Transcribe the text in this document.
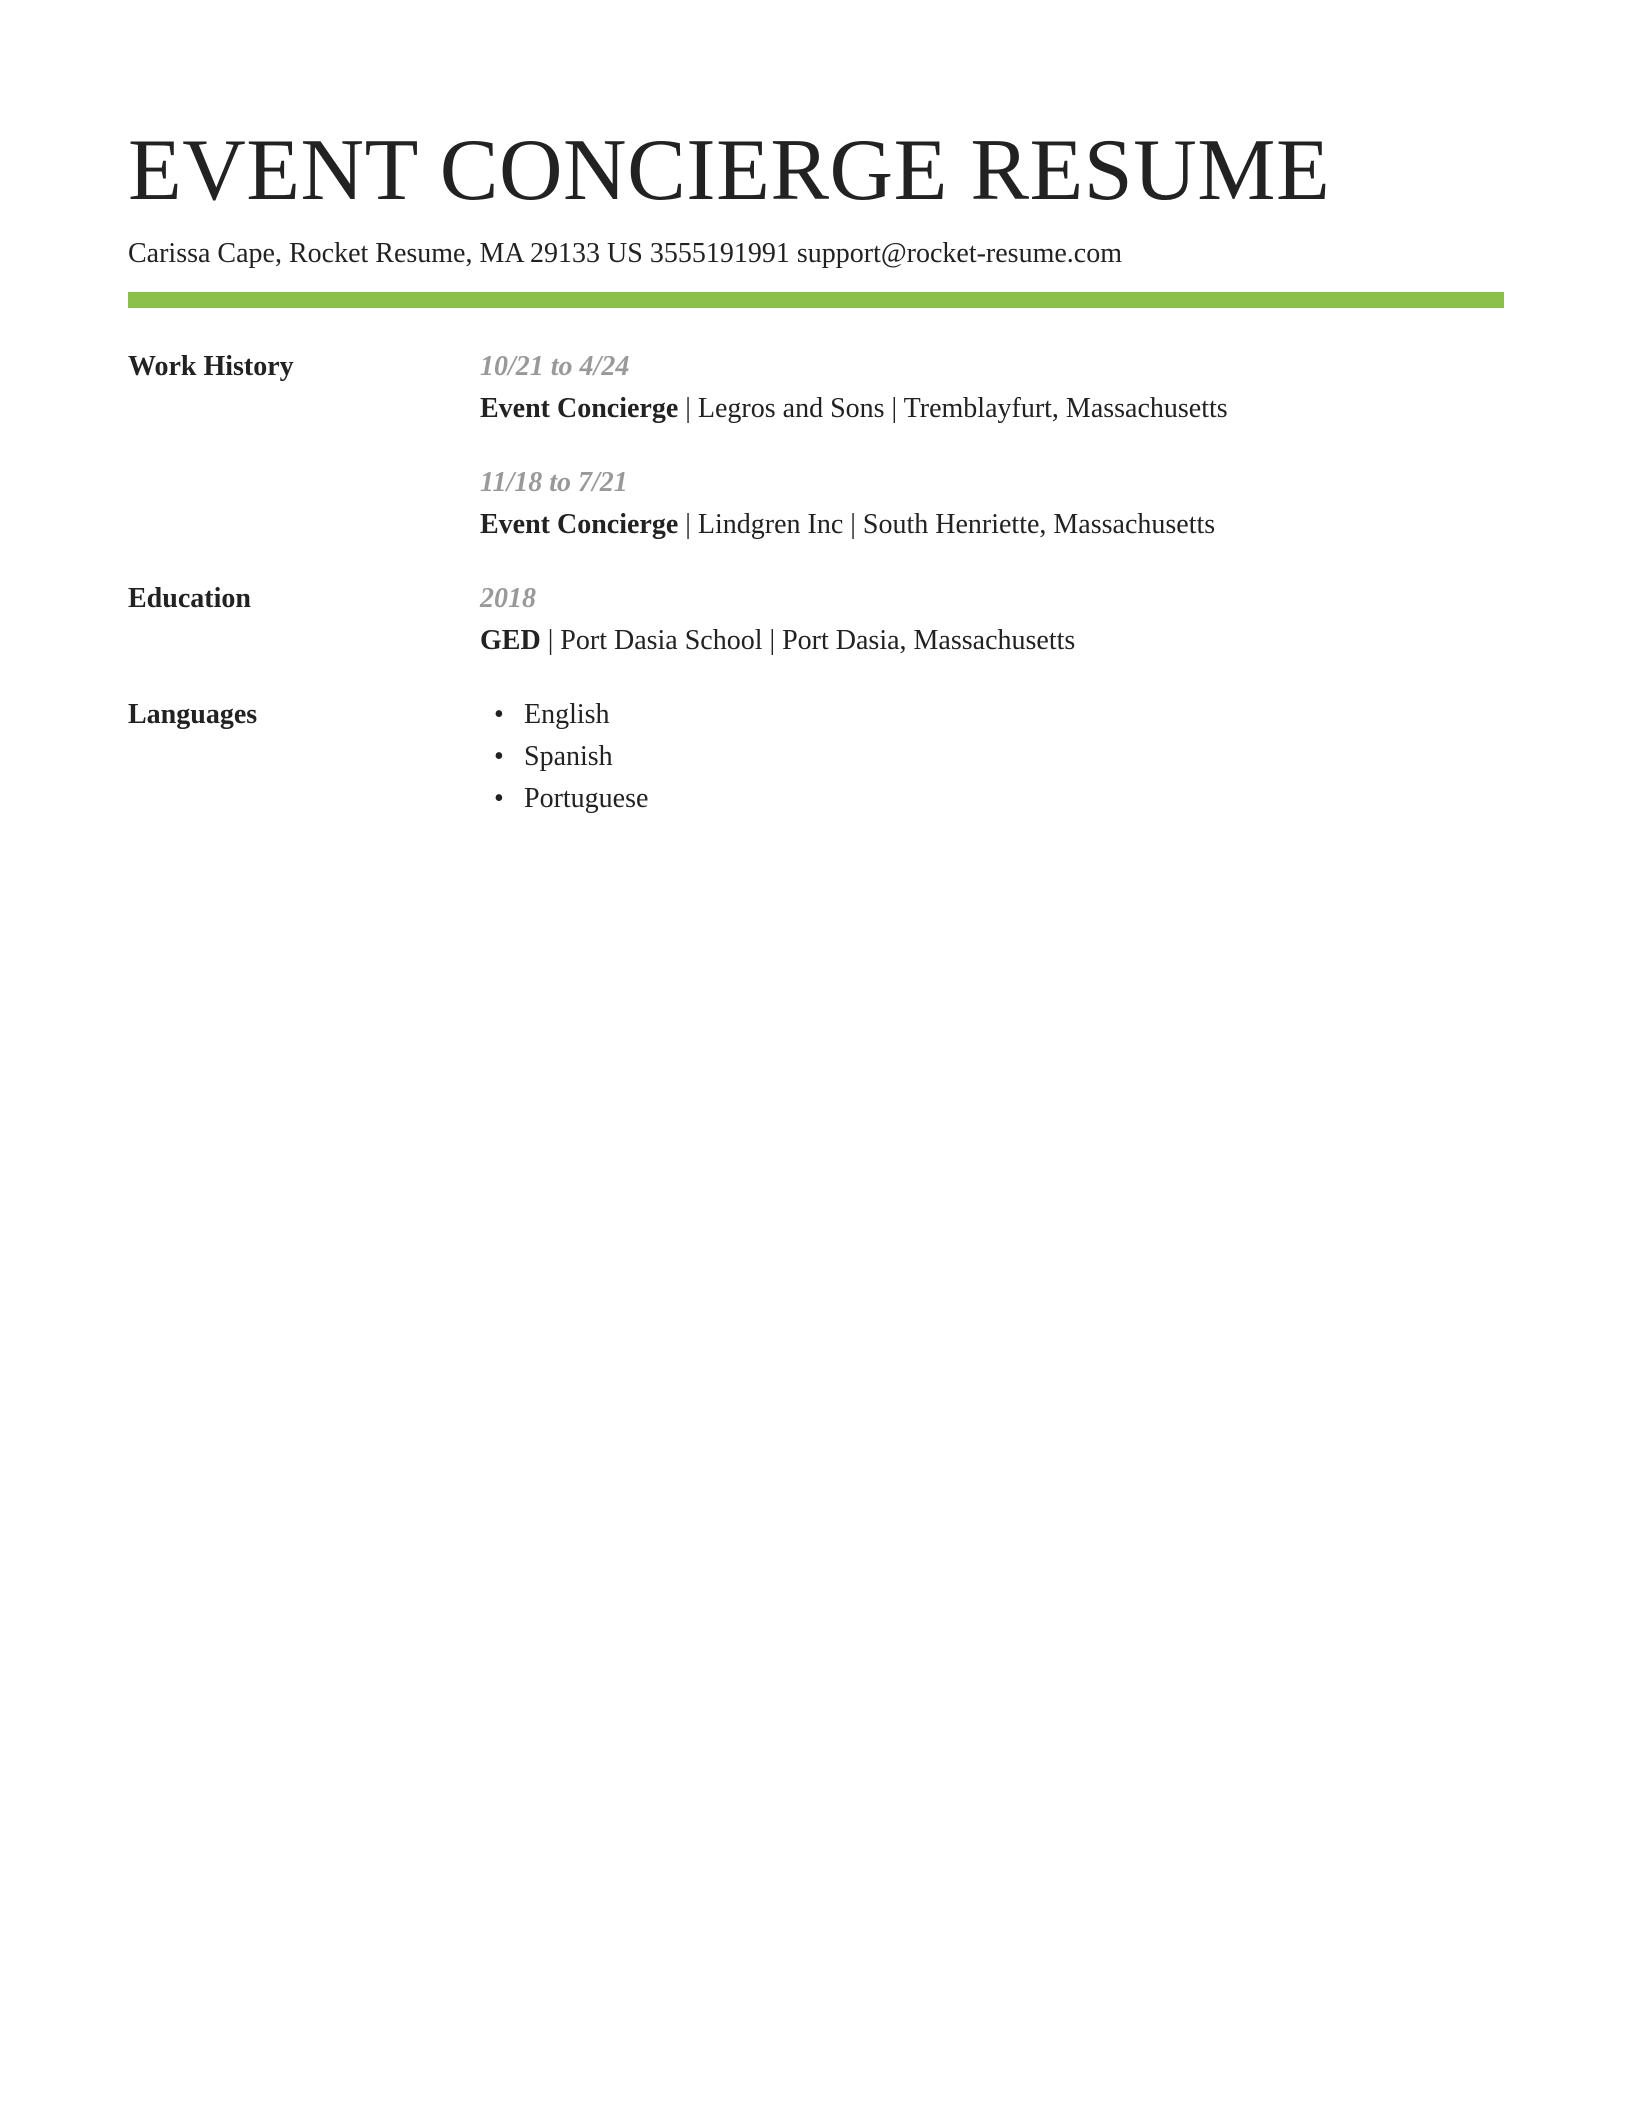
EVENT CONCIERGE RESUME
Carissa Cape, Rocket Resume, MA 29133 US 3555191991 support@rocket-resume.com
Work History	10/21 to 4/24
Event Concierge | Legros and Sons | Tremblayfurt, Massachusetts
11/18 to 7/21
Event Concierge | Lindgren Inc | South Henriette, Massachusetts
Education	2018
GED | Port Dasia School | Port Dasia, Massachusetts
Languages	• English
• Spanish
• Portuguese
